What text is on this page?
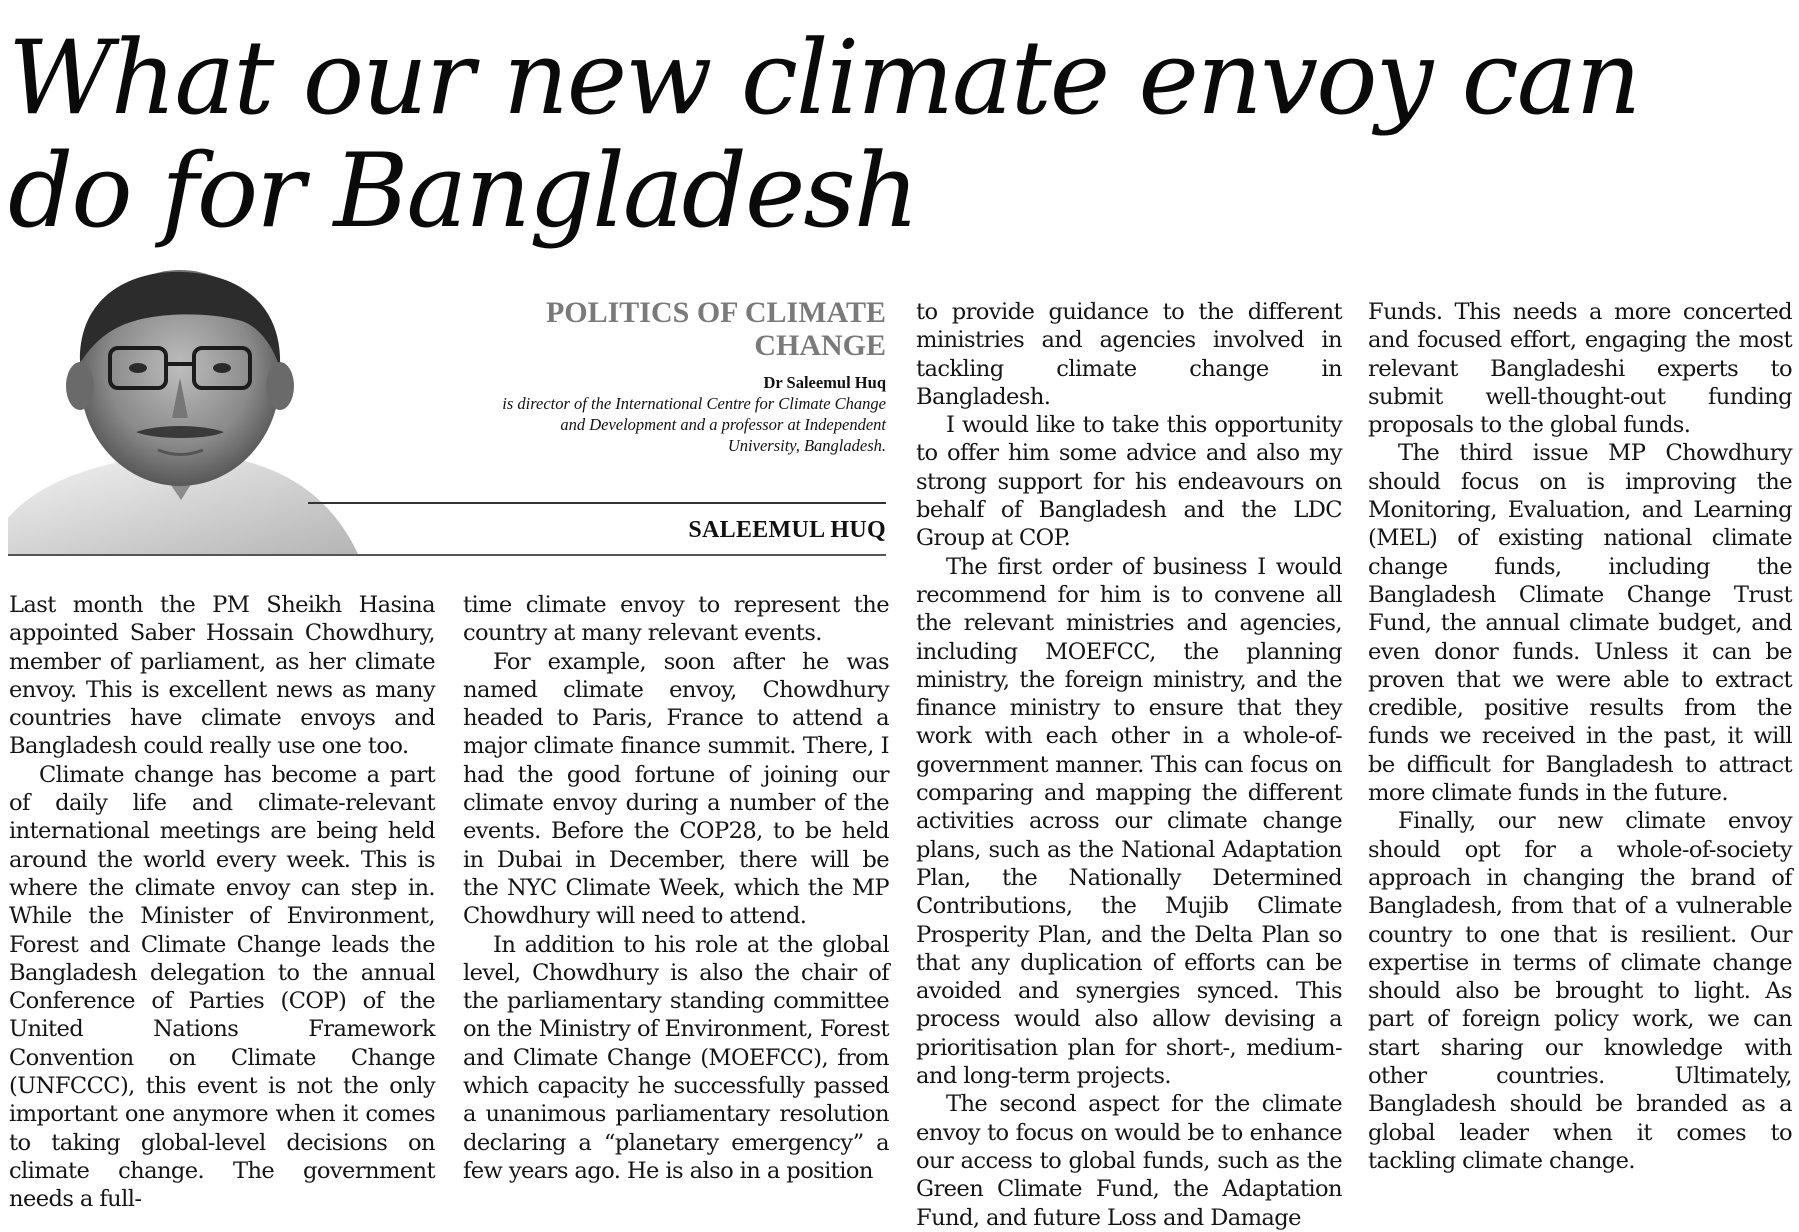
What our new climate envoy can do for Bangladesh
POLITICS OF CLIMATE CHANGE
Dr Saleemul Huq
is director of the International Centre for Climate Change and Development and a professor at Independent University, Bangladesh.
SALEEMUL HUQ

Last month the PM Sheikh Hasina appointed Saber Hossain Chowdhury, member of parliament, as her climate envoy. This is excellent news as many countries have climate envoys and Bangladesh could really use one too.

Climate change has become a part of daily life and climate-relevant international meetings are being held around the world every week. This is where the climate envoy can step in. While the Minister of Environment, Forest and Climate Change leads the Bangladesh delegation to the annual Conference of Parties (COP) of the United Nations Framework Convention on Climate Change (UNFCCC), this event is not the only important one anymore when it comes to taking global-level decisions on climate change. The government needs a full-

time climate envoy to represent the country at many relevant events.

For example, soon after he was named climate envoy, Chowdhury headed to Paris, France to attend a major climate finance summit. There, I had the good fortune of joining our climate envoy during a number of the events. Before the COP28, to be held in Dubai in December, there will be the NYC Climate Week, which the MP Chowdhury will need to attend.

In addition to his role at the global level, Chowdhury is also the chair of the parliamentary standing committee on the Ministry of Environment, Forest and Climate Change (MOEFCC), from which capacity he successfully passed a unanimous parliamentary resolution declaring a “planetary emergency” a few years ago. He is also in a position

to provide guidance to the different ministries and agencies involved in tackling climate change in Bangladesh.

I would like to take this opportunity to offer him some advice and also my strong support for his endeavours on behalf of Bangladesh and the LDC Group at COP.

The first order of business I would recommend for him is to convene all the relevant ministries and agencies, including MOEFCC, the planning ministry, the foreign ministry, and the finance ministry to ensure that they work with each other in a whole-of-government manner. This can focus on comparing and mapping the different activities across our climate change plans, such as the National Adaptation Plan, the Nationally Determined Contributions, the Mujib Climate Prosperity Plan, and the Delta Plan so that any duplication of efforts can be avoided and synergies synced. This process would also allow devising a prioritisation plan for short-, medium- and long-term projects.

The second aspect for the climate envoy to focus on would be to enhance our access to global funds, such as the Green Climate Fund, the Adaptation Fund, and future Loss and Damage

Funds. This needs a more concerted and focused effort, engaging the most relevant Bangladeshi experts to submit well-thought-out funding proposals to the global funds.

The third issue MP Chowdhury should focus on is improving the Monitoring, Evaluation, and Learning (MEL) of existing national climate change funds, including the Bangladesh Climate Change Trust Fund, the annual climate budget, and even donor funds. Unless it can be proven that we were able to extract credible, positive results from the funds we received in the past, it will be difficult for Bangladesh to attract more climate funds in the future.

Finally, our new climate envoy should opt for a whole-of-society approach in changing the brand of Bangladesh, from that of a vulnerable country to one that is resilient. Our expertise in terms of climate change should also be brought to light. As part of foreign policy work, we can start sharing our knowledge with other countries. Ultimately, Bangladesh should be branded as a global leader when it comes to tackling climate change.
